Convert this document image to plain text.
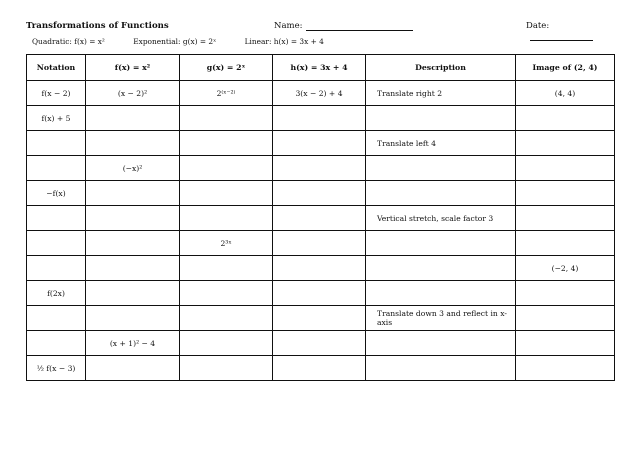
Transformations of Functions	Name:	Date:
Quadratic: f(x) = x²	Exponential: g(x) = 2ˣ	Linear: h(x) = 3x + 4
Notation	f(x) = x²	g(x) = 2ˣ	h(x) = 3x + 4	Description	Image of (2, 4)
f(x − 2)	(x − 2)²	2⁽ˣ⁻²⁾	3(x − 2) + 4	Translate right 2	(4, 4)
f(x) + 5					
				Translate left 4	
	(−x)²				
−f(x)					
				Vertical stretch, scale factor 3	
		2³ˣ			
					(−2, 4)
f(2x)					
				Translate down 3 and reflect in x-axis	
	(x + 1)² − 4				
½ f(x − 3)					
